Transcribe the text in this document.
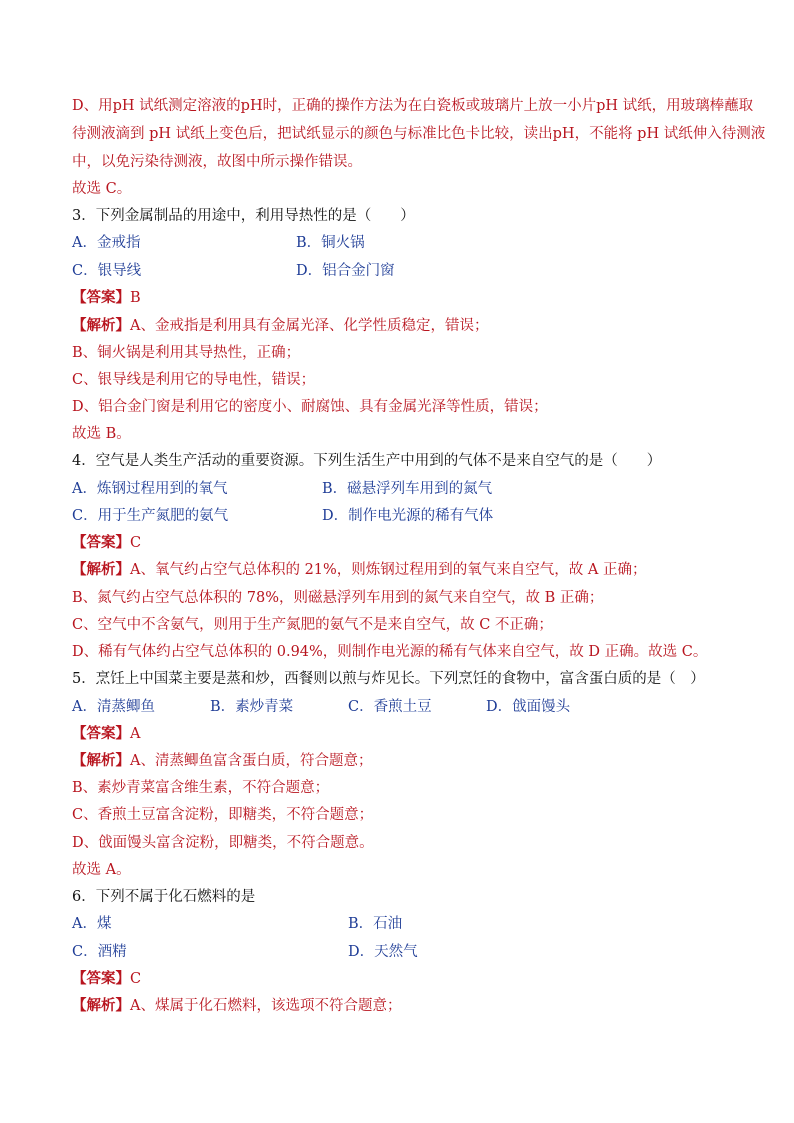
D、用pH 试纸测定溶液的pH时，正确的操作方法为在白瓷板或玻璃片上放一小片pH 试纸，用玻璃棒蘸取
待测液滴到 pH 试纸上变色后，把试纸显示的颜色与标准比色卡比较，读出pH，不能将 pH 试纸伸入待测液
中，以免污染待测液，故图中所示操作错误。
故选 C。
3．下列金属制品的用途中，利用导热性的是（　　）
A．金戒指	B．铜火锅
C．银导线	D．铝合金门窗
【答案】B
【解析】A、金戒指是利用具有金属光泽、化学性质稳定，错误；
B、铜火锅是利用其导热性，正确；
C、银导线是利用它的导电性，错误；
D、铝合金门窗是利用它的密度小、耐腐蚀、具有金属光泽等性质，错误；
故选 B。
4．空气是人类生产活动的重要资源。下列生活生产中用到的气体不是来自空气的是（　　）
A．炼钢过程用到的氧气	B．磁悬浮列车用到的氮气
C．用于生产氮肥的氨气	D．制作电光源的稀有气体
【答案】C
【解析】A、氧气约占空气总体积的 21%，则炼钢过程用到的氧气来自空气，故 A 正确；
B、氮气约占空气总体积的 78%，则磁悬浮列车用到的氮气来自空气，故 B 正确；
C、空气中不含氨气，则用于生产氮肥的氨气不是来自空气，故 C 不正确；
D、稀有气体约占空气总体积的 0.94%，则制作电光源的稀有气体来自空气，故 D 正确。故选 C。
5．烹饪上中国菜主要是蒸和炒，西餐则以煎与炸见长。下列烹饪的食物中，富含蛋白质的是（　）
A．清蒸鲫鱼	B．素炒青菜	C．香煎土豆	D．戗面馒头
【答案】A
【解析】A、清蒸鲫鱼富含蛋白质，符合题意；
B、素炒青菜富含维生素，不符合题意；
C、香煎土豆富含淀粉，即糖类，不符合题意；
D、戗面馒头富含淀粉，即糖类，不符合题意。
故选 A。
6．下列不属于化石燃料的是
A．煤	B．石油
C．酒精	D．天然气
【答案】C
【解析】A、煤属于化石燃料，该选项不符合题意；
